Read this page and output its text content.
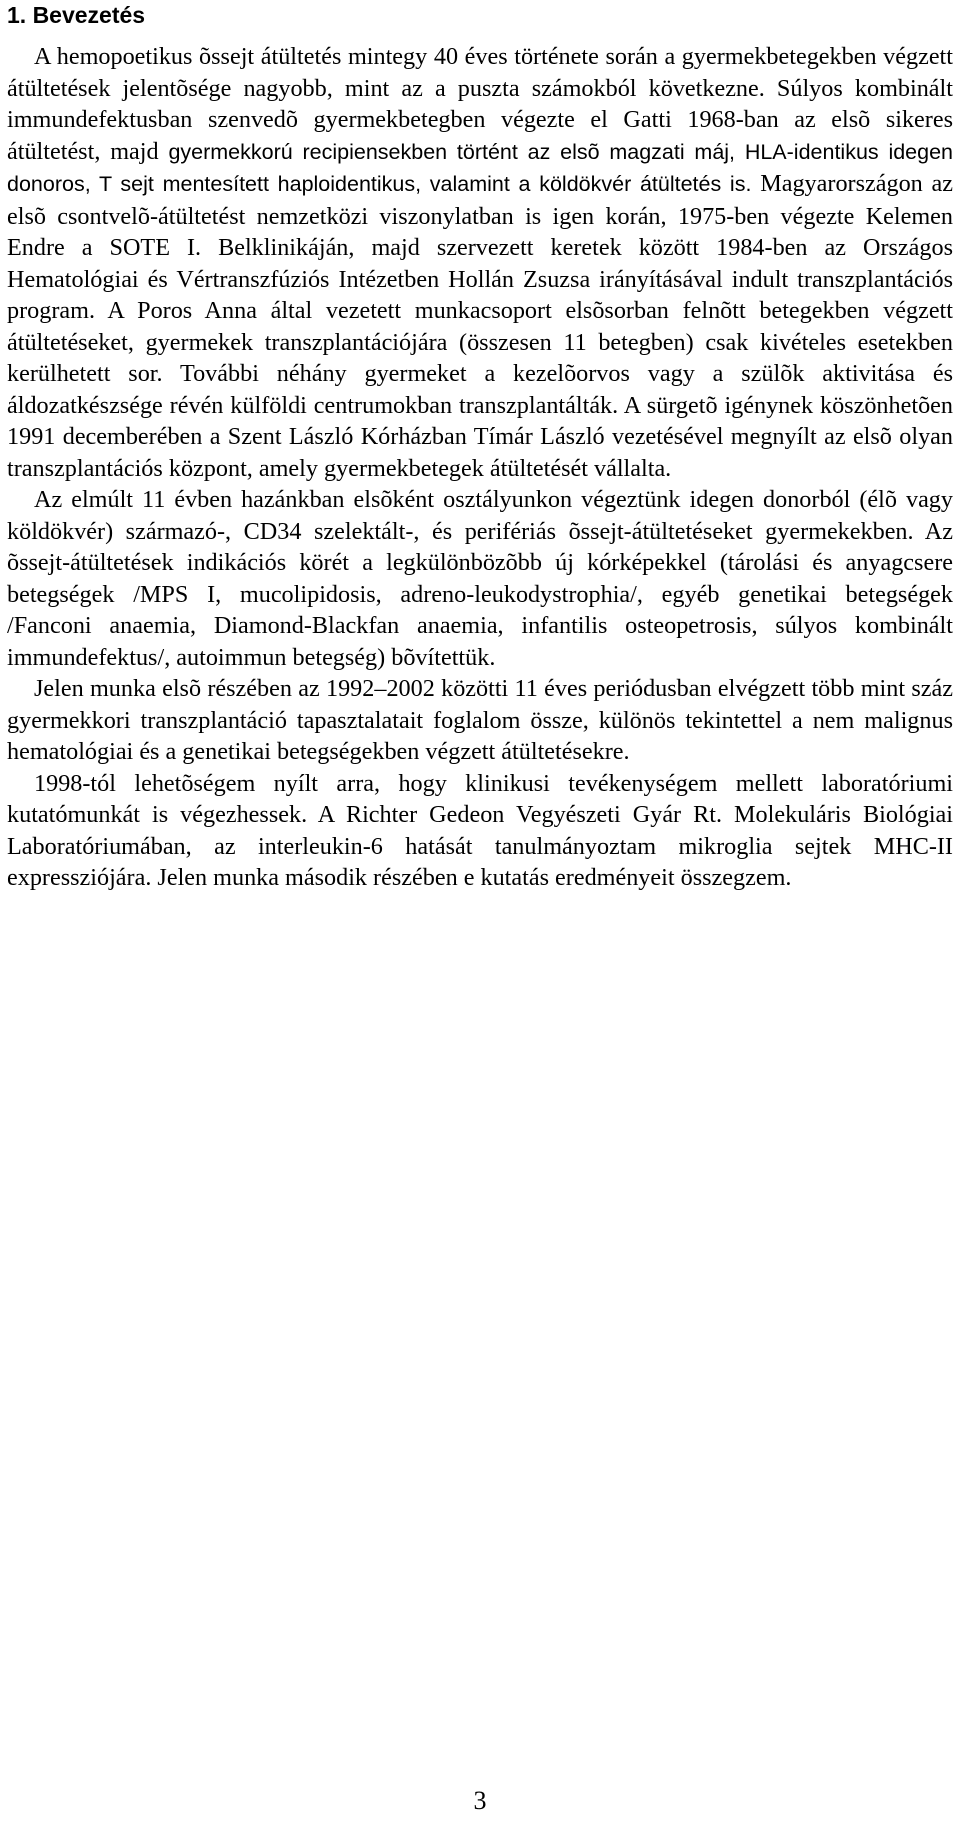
1. Bevezetés

A hemopoetikus õssejt átültetés mintegy 40 éves története során a gyermekbetegekben végzett átültetések jelentõsége nagyobb, mint az a puszta számokból következne. Súlyos kombinált immundefektusban szenvedõ gyermekbetegben végezte el Gatti 1968-ban az elsõ sikeres átültetést, majd gyermekkorú recipiensekben történt az elsõ magzati máj, HLA-identikus idegen donoros, T sejt mentesített haploidentikus, valamint a köldökvér átültetés is. Magyarországon az elsõ csontvelõ-átültetést nemzetközi viszonylatban is igen korán, 1975-ben végezte Kelemen Endre a SOTE I. Belklinikáján, majd szervezett keretek között 1984-ben az Országos Hematológiai és Vértranszfúziós Intézetben Hollán Zsuzsa irányításával indult transzplantációs program. A Poros Anna által vezetett munkacsoport elsõsorban felnõtt betegekben végzett átültetéseket, gyermekek transzplantációjára (összesen 11 betegben) csak kivételes esetekben kerülhetett sor. További néhány gyermeket a kezelõorvos vagy a szülõk aktivitása és áldozatkészsége révén külföldi centrumokban transzplantálták. A sürgetõ igénynek köszönhetõen 1991 decemberében a Szent László Kórházban Tímár László vezetésével megnyílt az elsõ olyan transzplantációs központ, amely gyermekbetegek átültetését vállalta.

Az elmúlt 11 évben hazánkban elsõként osztályunkon végeztünk idegen donorból (élõ vagy köldökvér) származó-, CD34 szelektált-, és perifériás õssejt-átültetéseket gyermekekben. Az õssejt-átültetések indikációs körét a legkülönbözõbb új kórképekkel (tárolási és anyagcsere betegségek /MPS I, mucolipidosis, adreno-leukodystrophia/, egyéb genetikai betegségek /Fanconi anaemia, Diamond-Blackfan anaemia, infantilis osteopetrosis, súlyos kombinált immundefektus/, autoimmun betegség) bõvítettük.

Jelen munka elsõ részében az 1992–2002 közötti 11 éves periódusban elvégzett több mint száz gyermekkori transzplantáció tapasztalatait foglalom össze, különös tekintettel a nem malignus hematológiai és a genetikai betegségekben végzett átültetésekre.

1998-tól lehetõségem nyílt arra, hogy klinikusi tevékenységem mellett laboratóriumi kutatómunkát is végezhessek. A Richter Gedeon Vegyészeti Gyár Rt. Molekuláris Biológiai Laboratóriumában, az interleukin-6 hatását tanulmányoztam mikroglia sejtek MHC-II expressziójára. Jelen munka második részében e kutatás eredményeit összegzem.

3
